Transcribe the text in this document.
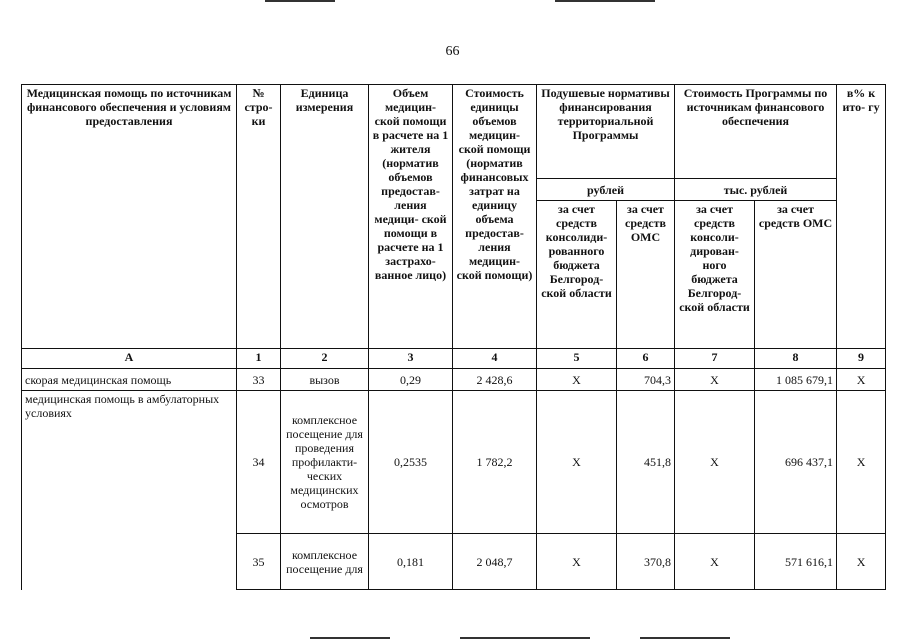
66
Медицинская помощь по источникам финансового обеспечения и условиям предоставления	№ стро- ки	Единица измерения	Объем медицин- ской помощи в расчете на 1 жителя (норматив объемов предостав- ления медици- ской помощи в расчете на 1 застрахо- ванное лицо)	Стоимость единицы объемов медицин- ской помощи (норматив финансовых затрат на единицу объема предостав- ления медицин- ской помощи)	Подушевые нормативы финансирования территориальной Программы		Стоимость Программы по источникам финансового обеспечения		в% к ито- гу
					рублей		тыс. рублей		
					за счет средств консолиди- рованного бюджета Белгород- ской области	за счет средств ОМС	за счет средств консоли- дирован- ного бюджета Белгород- ской области	за счет средств ОМС	
А	1	2	3	4	5	6	7	8	9
скорая медицинская помощь	33	вызов	0,29	2 428,6	Х	704,3	Х	1 085 679,1	Х
медицинская помощь в амбулаторных условиях	34	комплексное посещение для проведения профилакти- ческих медицинских осмотров	0,2535	1 782,2	Х	451,8	Х	696 437,1	Х
	35	комплексное посещение для	0,181	2 048,7	Х	370,8	Х	571 616,1	Х
